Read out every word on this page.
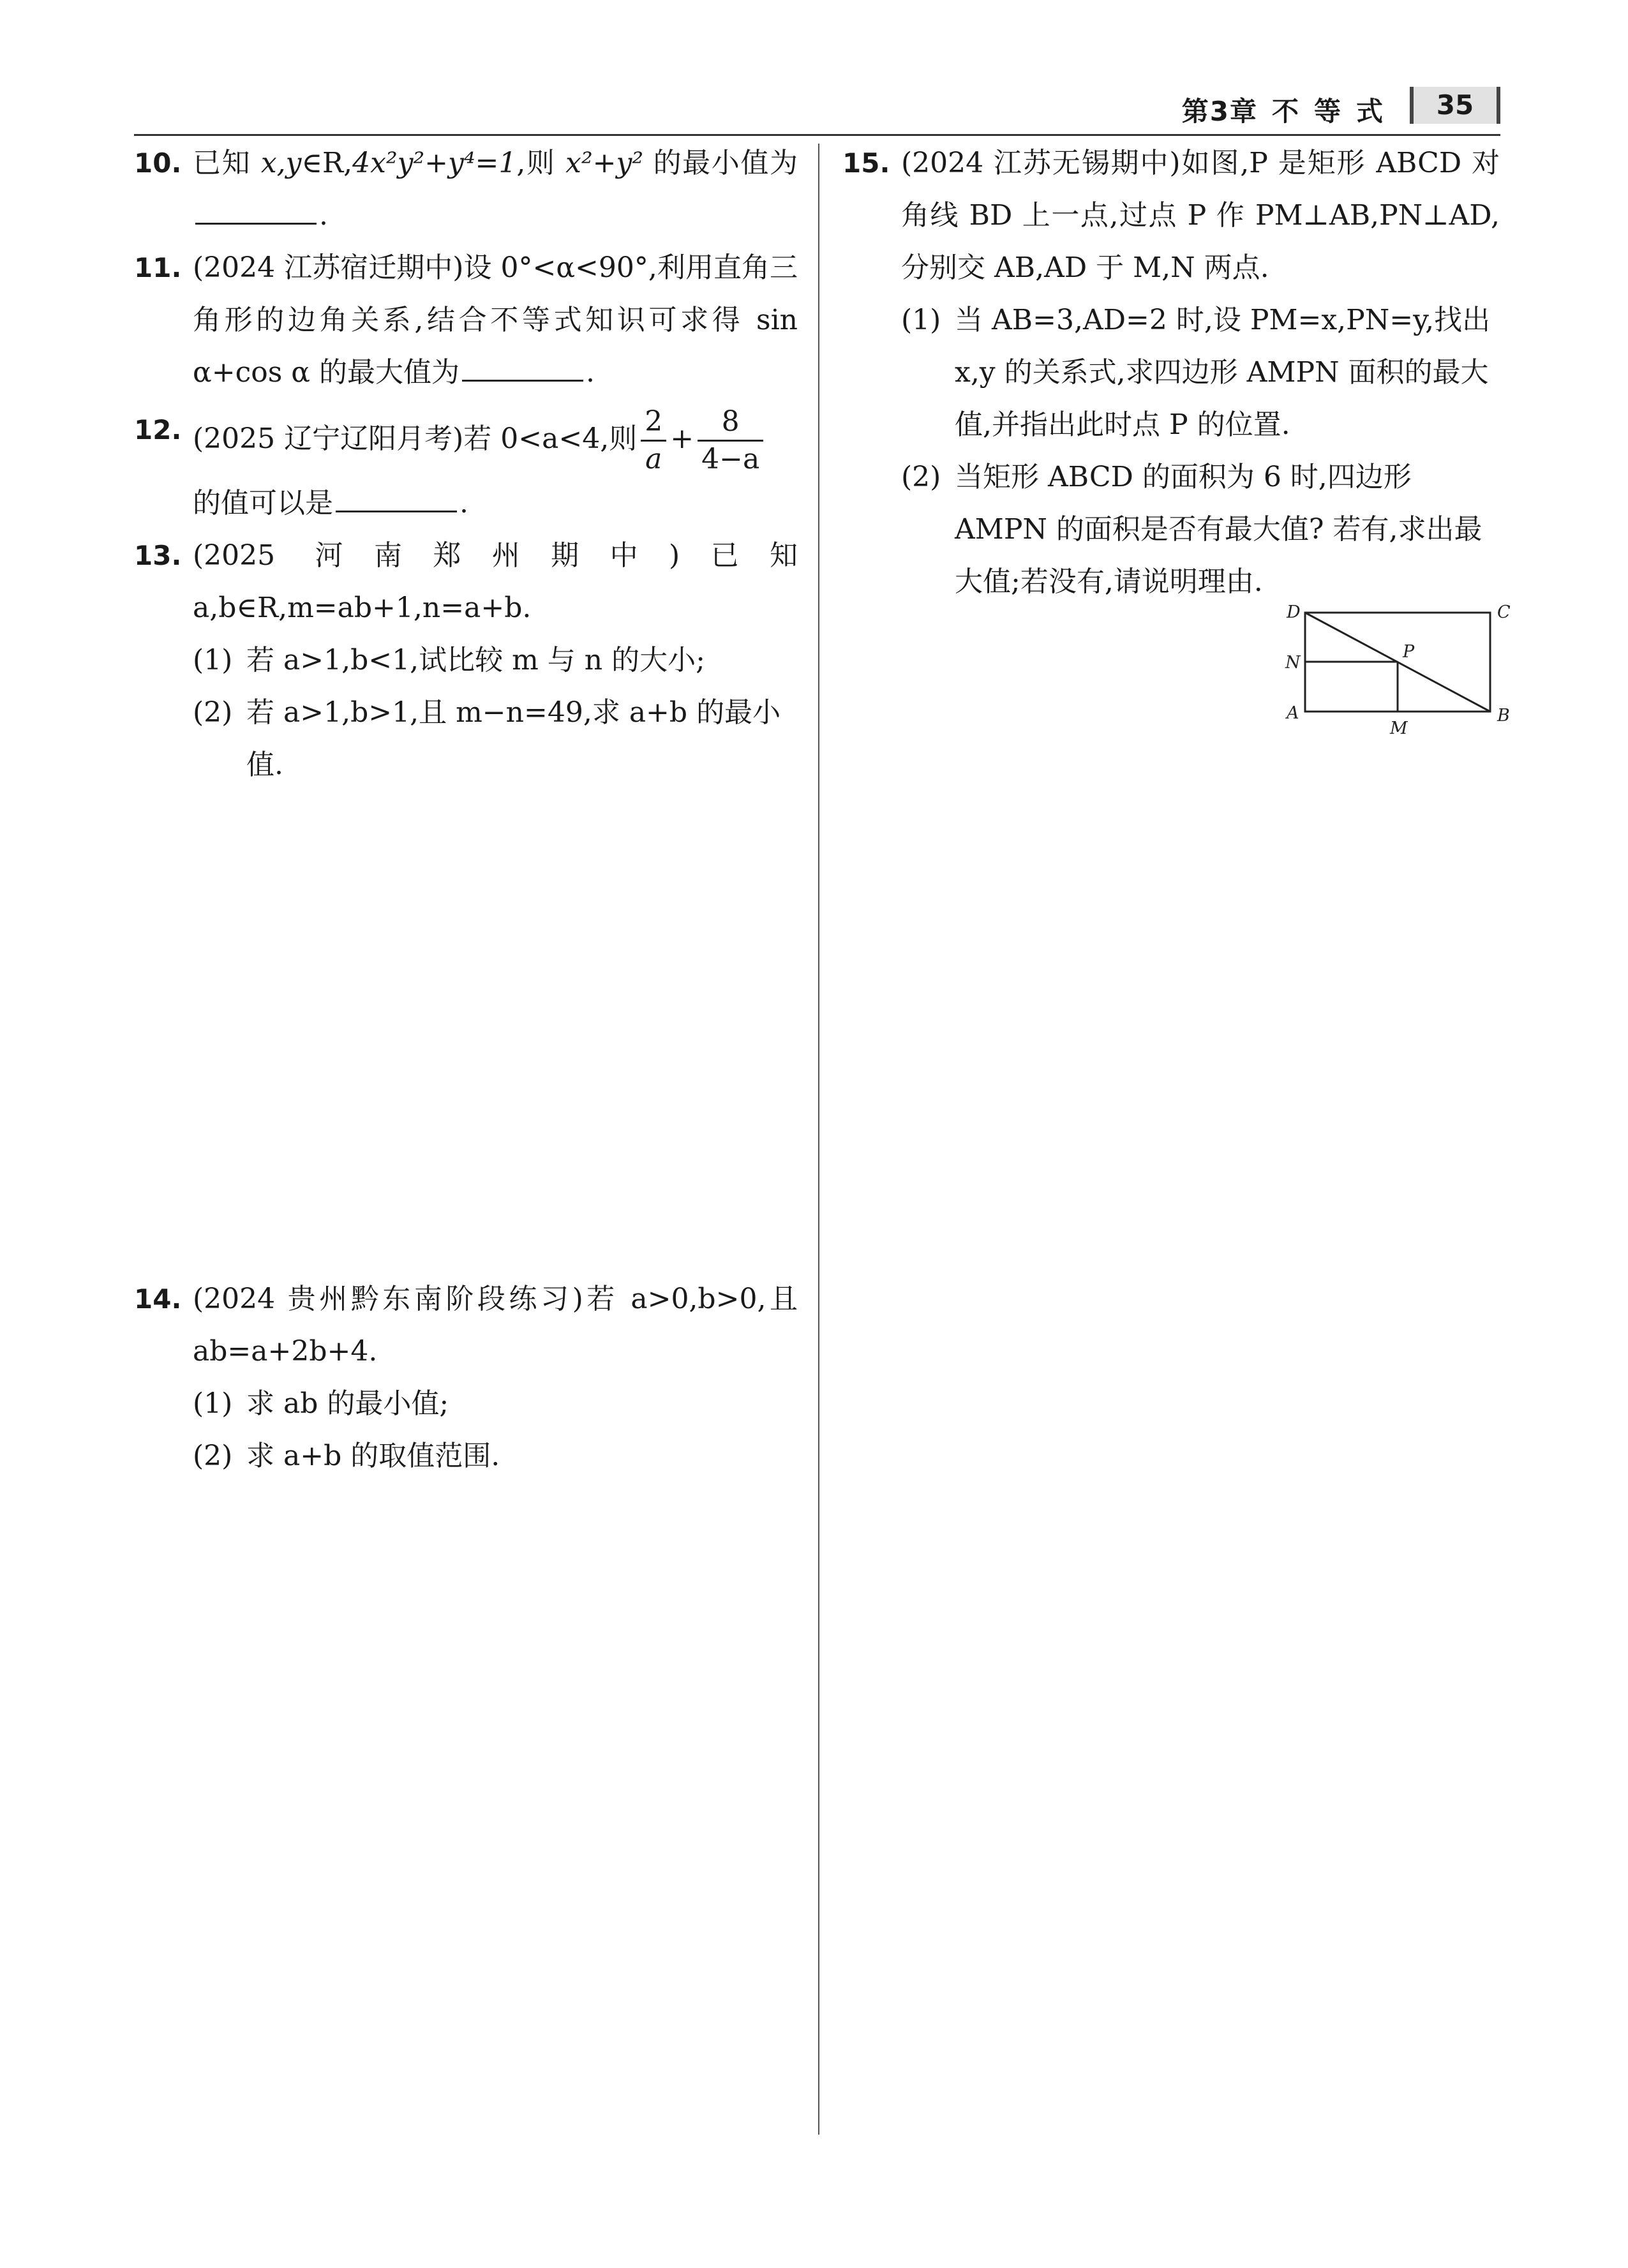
第3章 不 等 式	35
10. 已知 x,y∈R,4x²y²+y⁴=1,则 x²+y² 的最小值为.
11. (2024 江苏宿迁期中)设 0°<α<90°,利用直角三角形的边角关系,结合不等式知识可求得 sin α+cos α 的最大值为	.
12. (2025 辽宁辽阳月考)若 0<a<4,则 $\frac{2}{a} + \frac{8}{4-a}$

的值可以是	.
13. (2025 河南郑州期中)已知 a,b∈R,m=ab+1,n=a+b.
(1) 若 a>1,b<1,试比较 m 与 n 的大小;
(2) 若 a>1,b>1,且 m−n=49,求 a+b 的最小值.
14. (2024 贵州黔东南阶段练习)若 a>0,b>0,且 ab=a+2b+4.
(1) 求 ab 的最小值;
(2) 求 a+b 的取值范围.
15. (2024 江苏无锡期中)如图,P 是矩形 ABCD 对角线 BD 上一点,过点 P 作 PM⊥AB,PN⊥AD,分别交 AB,AD 于 M,N 两点.
(1) 当 AB=3,AD=2 时,设 PM=x,PN=y,找出 x,y 的关系式,求四边形 AMPN 面积的最大值,并指出此时点 P 的位置.
(2) 当矩形 ABCD 的面积为 6 时,四边形 AMPN 的面积是否有最大值? 若有,求出最大值;若没有,请说明理由.
D	C
A	B
N
P
M
